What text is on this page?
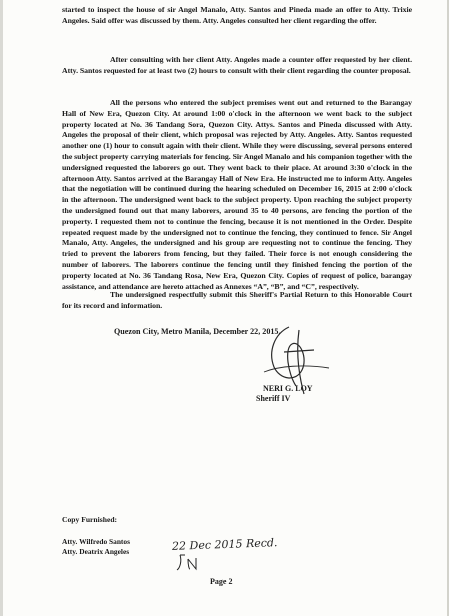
started to inspect the house of sir Angel Manalo, Atty. Santos and Pineda made an offer to Atty. Trixie Angeles. Said offer was discussed by them. Atty. Angeles consulted her client regarding the offer.
After consulting with her client Atty. Angeles made a counter offer requested by her client. Atty. Santos requested for at least two (2) hours to consult with their client regarding the counter proposal.
All the persons who entered the subject premises went out and returned to the Barangay Hall of New Era, Quezon City. At around 1:00 o'clock in the afternoon we went back to the subject property located at No. 36 Tandang Sora, Quezon City. Attys. Santos and Pineda discussed with Atty. Angeles the proposal of their client, which proposal was rejected by Atty. Angeles. Atty. Santos requested another one (1) hour to consult again with their client. While they were discussing, several persons entered the subject property carrying materials for fencing. Sir Angel Manalo and his companion together with the undersigned requested the laborers go out. They went back to their place. At around 3:30 o'clock in the afternoon Atty. Santos arrived at the Barangay Hall of New Era. He instructed me to inform Atty. Angeles that the negotiation will be continued during the hearing scheduled on December 16, 2015 at 2:00 o'clock in the afternoon. The undersigned went back to the subject property. Upon reaching the subject property the undersigned found out that many laborers, around 35 to 40 persons, are fencing the portion of the property. I requested them not to continue the fencing, because it is not mentioned in the Order. Despite repeated request made by the undersigned not to continue the fencing, they continued to fence. Sir Angel Manalo, Atty. Angeles, the undersigned and his group are requesting not to continue the fencing. They tried to prevent the laborers from fencing, but they failed. Their force is not enough considering the number of laborers. The laborers continue the fencing until they finished fencing the portion of the property located at No. 36 Tandang Rosa, New Era, Quezon City. Copies of request of police, barangay assistance, and attendance are hereto attached as Annexes “A”, “B”, and “C”, respectively.
The undersigned respectfully submit this Sheriff's Partial Return to this Honorable Court for its record and information.
Quezon City, Metro Manila, December 22, 2015.
NERI G. LOY
Sheriff IV
Copy Furnished:
Atty. Wilfredo Santos
Atty. Deatrix Angeles	22 Dec 2015 Recd.
Page 2
